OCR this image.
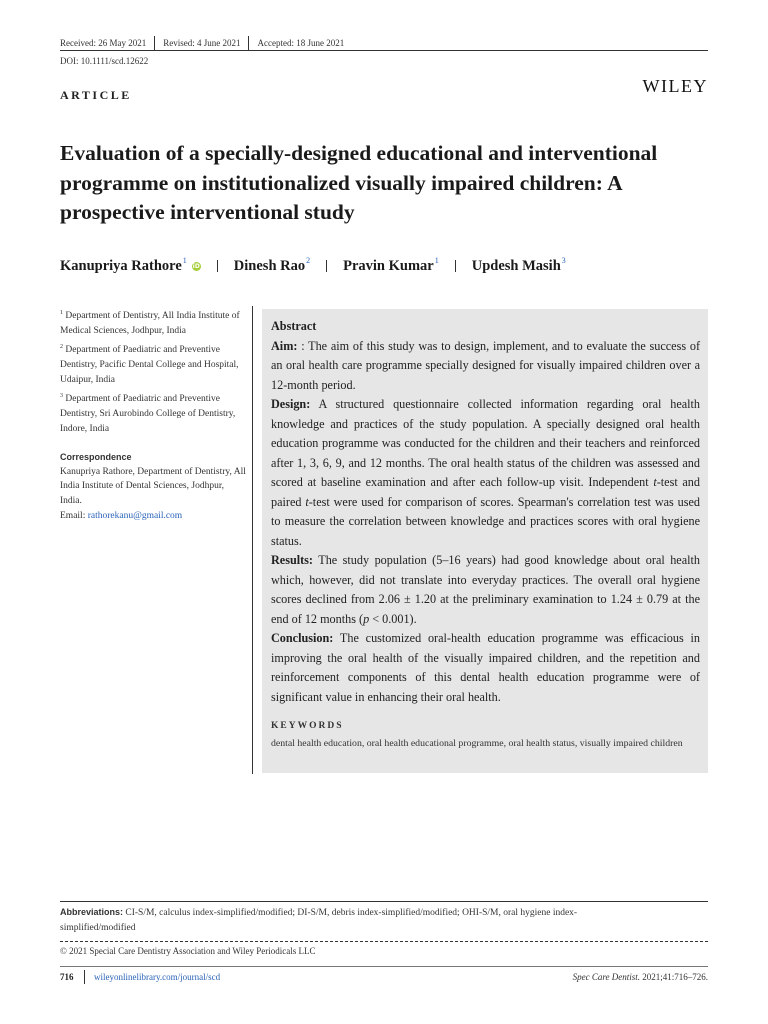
Received: 26 May 2021	Revised: 4 June 2021	Accepted: 18 June 2021
DOI: 10.1111/scd.12622
ARTICLE	WILEY
Evaluation of a specially-designed educational and interventional programme on institutionalized visually impaired children: A prospective interventional study
Kanupriya Rathore$^1$
iD Dinesh Rao$^2$ Pravin Kumar$^1$ Updesh Masih$^3$
$^1$ Department of Dentistry, All India Institute of Medical Sciences, Jodhpur, India
$^2$ Department of Paediatric and Preventive Dentistry, Pacific Dental College and Hospital, Udaipur, India
$^3$ Department of Paediatric and Preventive Dentistry, Sri Aurobindo College of Dentistry, Indore, India
Correspondence
Kanupriya Rathore, Department of Dentistry, All India Institute of Dental Sciences, Jodhpur, India.
Email: rathorekanu@gmail.com

Abstract

Aim: : The aim of this study was to design, implement, and to evaluate the success of an oral health care programme specially designed for visually impaired children over a 12-month period.

Design: A structured questionnaire collected information regarding oral health knowledge and practices of the study population. A specially designed oral health education programme was conducted for the children and their teachers and reinforced after 1, 3, 6, 9, and 12 months. The oral health status of the children was assessed and scored at baseline examination and after each follow-up visit. Independent t-test and paired t-test were used for comparison of scores. Spearman's correlation test was used to measure the correlation between knowledge and practices scores with oral hygiene status.

Results: The study population (5–16 years) had good knowledge about oral health which, however, did not translate into everyday practices. The overall oral hygiene scores declined from 2.06 ± 1.20 at the preliminary examination to 1.24 ± 0.79 at the end of 12 months (p < 0.001).

Conclusion: The customized oral-health education programme was efficacious in improving the oral health of the visually impaired children, and the repetition and reinforcement components of this dental health education programme were of significant value in enhancing their oral health.

KEYWORDS
dental health education, oral health educational programme, oral health status, visually impaired children
Abbreviations: CI-S/M, calculus index-simplified/modified; DI-S/M, debris index-simplified/modified; OHI-S/M, oral hygiene index-simplified/modified
© 2021 Special Care Dentistry Association and Wiley Periodicals LLC
716 wileyonlinelibrary.com/journal/scd	Spec Care Dentist. 2021;41:716–726.
